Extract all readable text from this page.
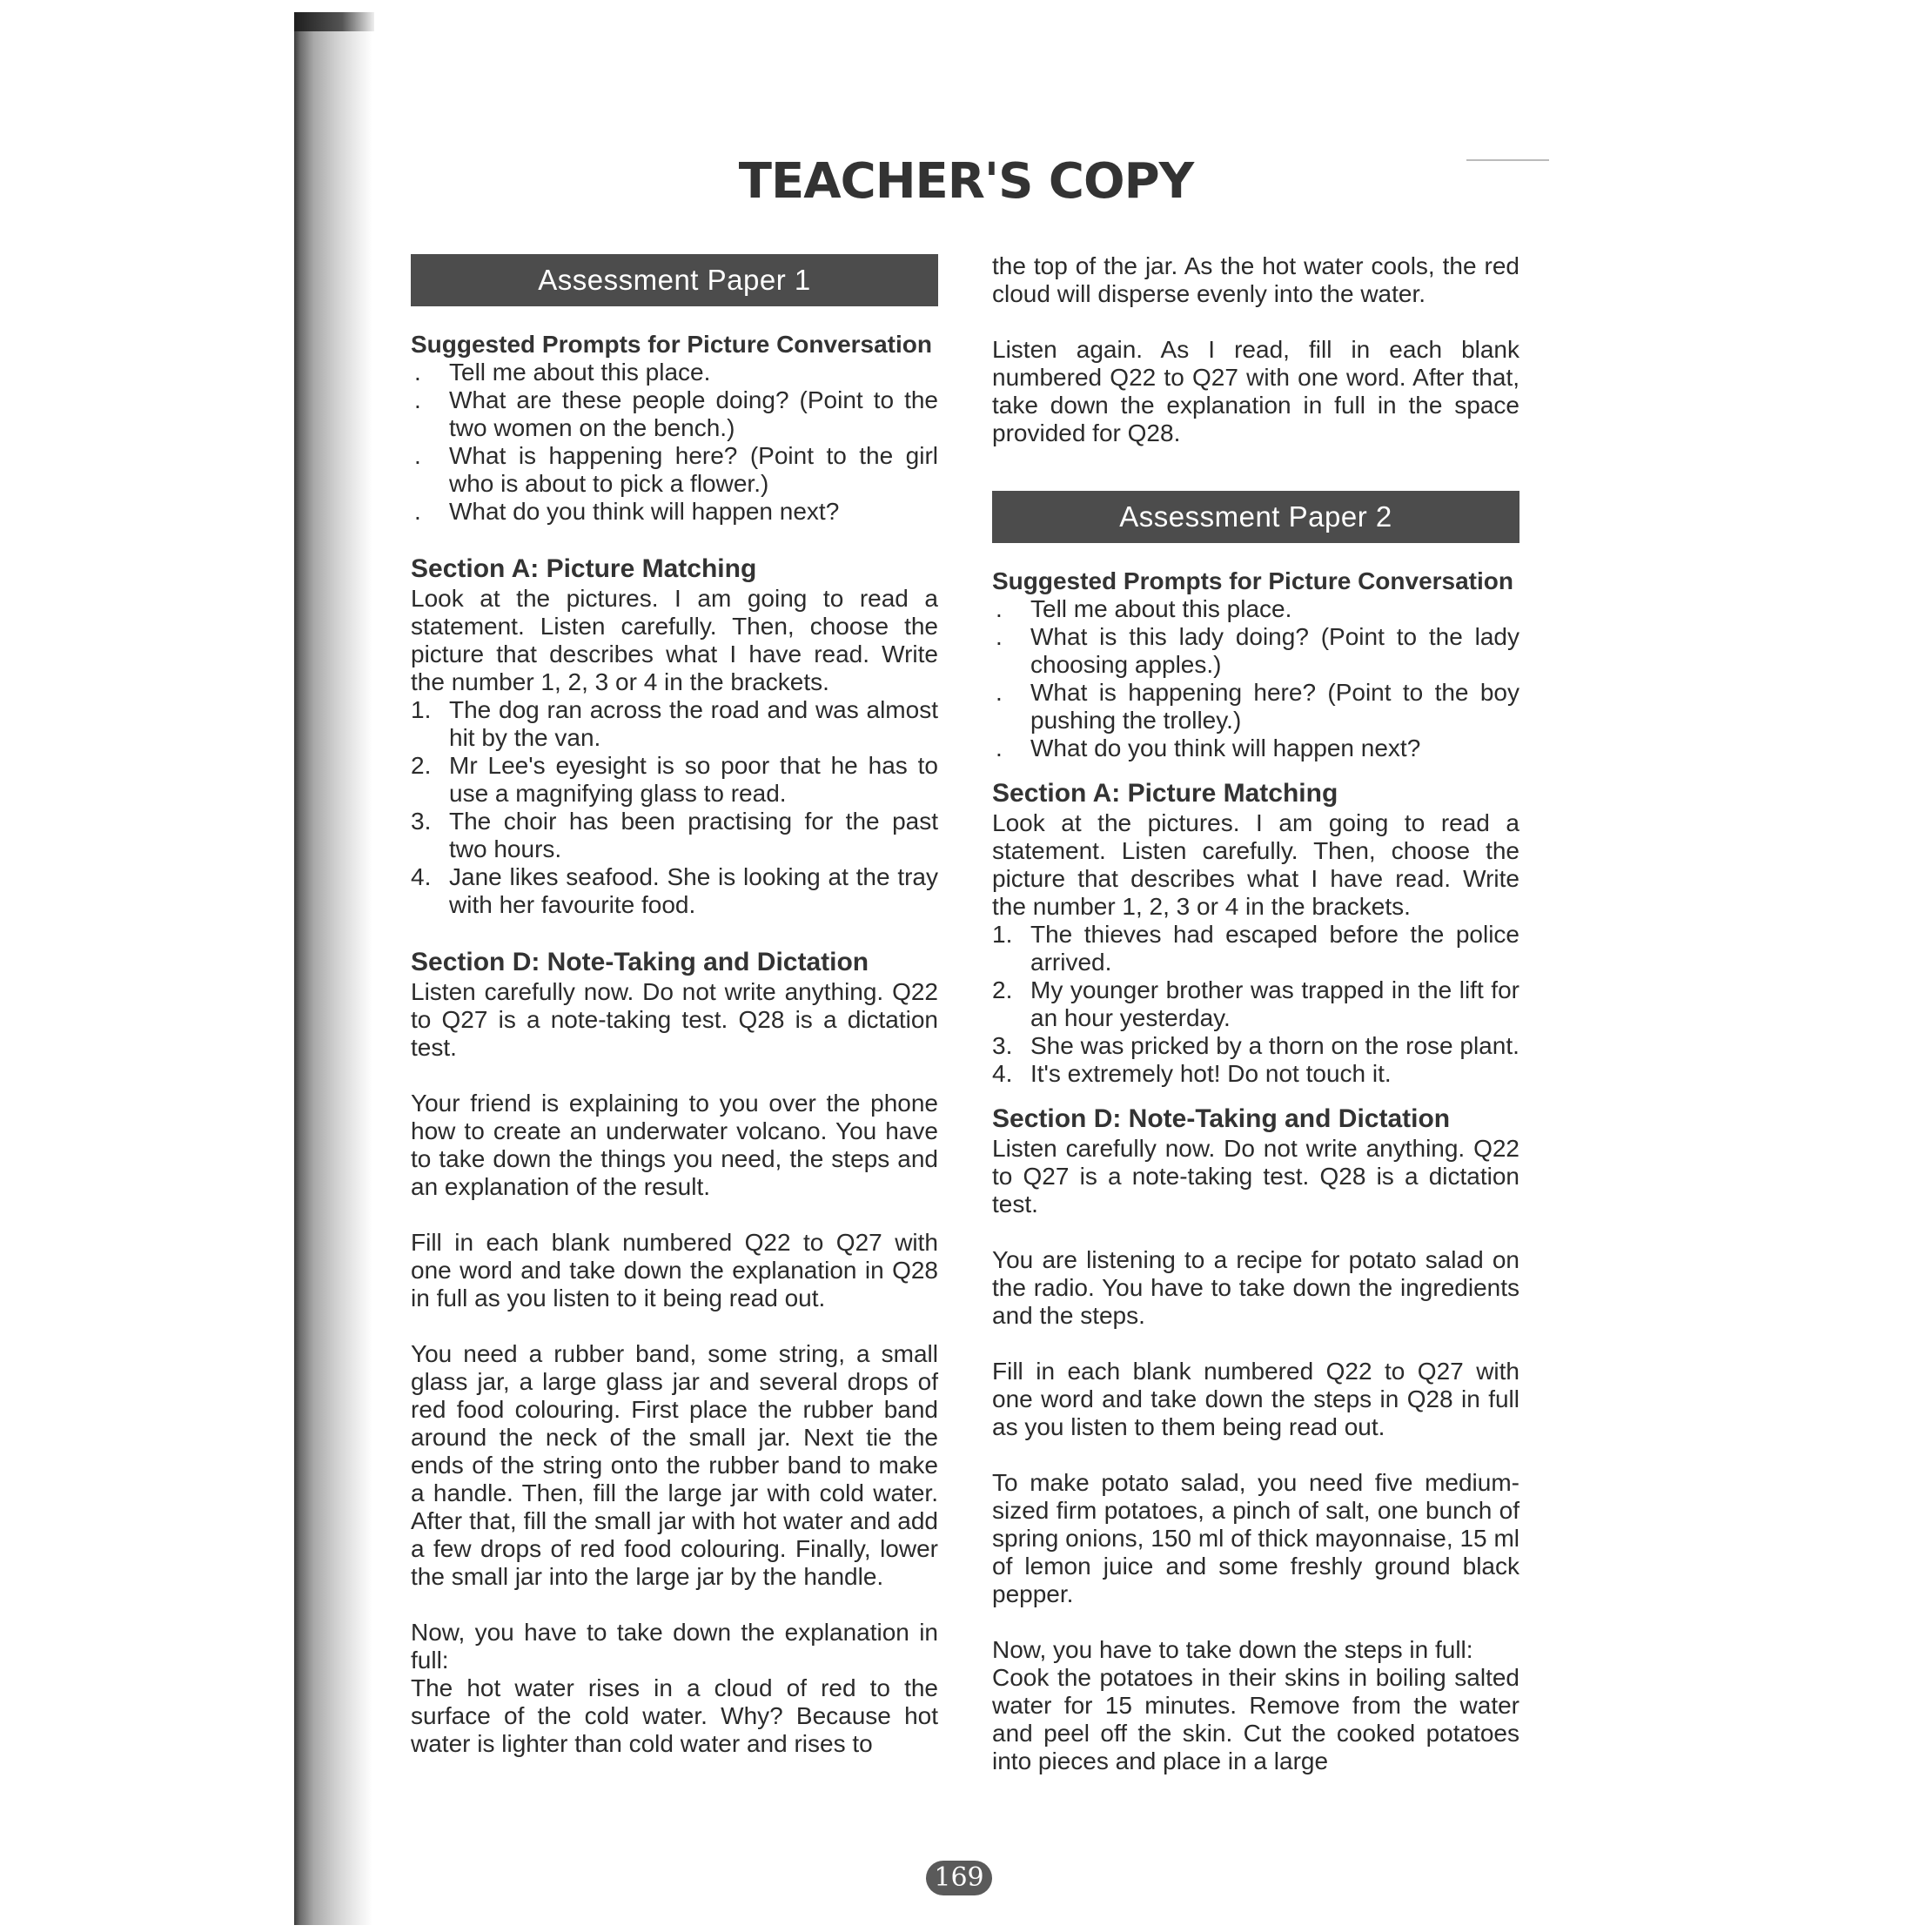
TEACHER'S COPY
Assessment Paper 1

Suggested Prompts for Picture Conversation

.	Tell me about this place.
.	What are these people doing? (Point to the two women on the bench.)
.	What is happening here? (Point to the girl who is about to pick a flower.)
.	What do you think will happen next?

Section A: Picture Matching

Look at the pictures. I am going to read a statement. Listen carefully. Then, choose the picture that describes what I have read. Write the number 1, 2, 3 or 4 in the brackets.

1. The dog ran across the road and was almost hit by the van.
2. Mr Lee's eyesight is so poor that he has to use a magnifying glass to read.
3. The choir has been practising for the past two hours.
4. Jane likes seafood. She is looking at the tray with her favourite food.

Section D: Note-Taking and Dictation

Listen carefully now. Do not write anything. Q22 to Q27 is a note-taking test. Q28 is a dictation test.

Your friend is explaining to you over the phone how to create an underwater volcano. You have to take down the things you need, the steps and an explanation of the result.

Fill in each blank numbered Q22 to Q27 with one word and take down the explanation in Q28 in full as you listen to it being read out.

You need a rubber band, some string, a small glass jar, a large glass jar and several drops of red food colouring. First place the rubber band around the neck of the small jar. Next tie the ends of the string onto the rubber band to make a handle. Then, fill the large jar with cold water. After that, fill the small jar with hot water and add a few drops of red food colouring. Finally, lower the small jar into the large jar by the handle.

Now, you have to take down the explanation in full:

The hot water rises in a cloud of red to the surface of the cold water. Why? Because hot water is lighter than cold water and rises to

the top of the jar. As the hot water cools, the red cloud will disperse evenly into the water.

Listen again. As I read, fill in each blank numbered Q22 to Q27 with one word. After that, take down the explanation in full in the space provided for Q28.

Assessment Paper 2

Suggested Prompts for Picture Conversation

.	Tell me about this place.
.	What is this lady doing? (Point to the lady choosing apples.)
.	What is happening here? (Point to the boy pushing the trolley.)
.	What do you think will happen next?

Section A: Picture Matching

Look at the pictures. I am going to read a statement. Listen carefully. Then, choose the picture that describes what I have read. Write the number 1, 2, 3 or 4 in the brackets.

1. The thieves had escaped before the police arrived.
2. My younger brother was trapped in the lift for an hour yesterday.
3. She was pricked by a thorn on the rose plant.
4. It's extremely hot! Do not touch it.

Section D: Note-Taking and Dictation

Listen carefully now. Do not write anything. Q22 to Q27 is a note-taking test. Q28 is a dictation test.

You are listening to a recipe for potato salad on the radio. You have to take down the ingredients and the steps.

Fill in each blank numbered Q22 to Q27 with one word and take down the steps in Q28 in full as you listen to them being read out.

To make potato salad, you need five medium-sized firm potatoes, a pinch of salt, one bunch of spring onions, 150 ml of thick mayonnaise, 15 ml of lemon juice and some freshly ground black pepper.

Now, you have to take down the steps in full:

Cook the potatoes in their skins in boiling salted water for 15 minutes. Remove from the water and peel off the skin. Cut the cooked potatoes into pieces and place in a large

169
